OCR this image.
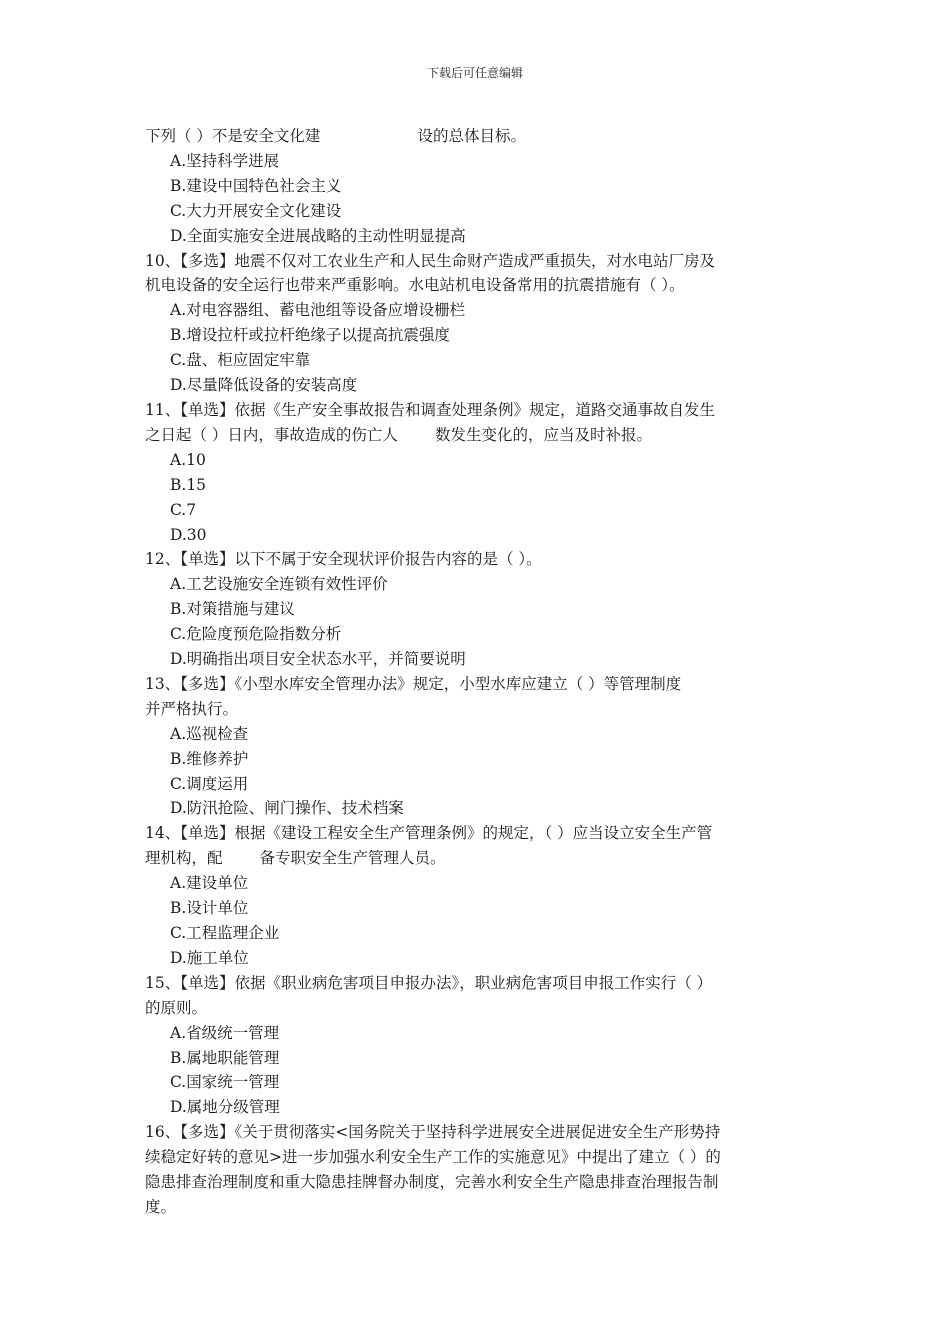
下载后可任意编辑

下列（ ）不是安全文化建	设的总体目标。

A.坚持科学进展

B.建设中国特色社会主义

C.大力开展安全文化建设

D.全面实施安全进展战略的主动性明显提高

10、【多选】地震不仅对工农业生产和人民生命财产造成严重损失，对水电站厂房及

机电设备的安全运行也带来严重影响。水电站机电设备常用的抗震措施有（ ）。

A.对电容器组、蓄电池组等设备应增设栅栏

B.增设拉杆或拉杆绝缘子以提高抗震强度

C.盘、柜应固定牢靠

D.尽量降低设备的安装高度

11、【单选】依据《生产安全事故报告和调查处理条例》规定，道路交通事故自发生

之日起（ ）日内，事故造成的伤亡人 数发生变化的，应当及时补报。

A.10

B.15

C.7

D.30

12、【单选】以下不属于安全现状评价报告内容的是（ ）。

A.工艺设施安全连锁有效性评价

B.对策措施与建议

C.危险度预危险指数分析

D.明确指出项目安全状态水平，并简要说明

13、【多选】《小型水库安全管理办法》规定，小型水库应建立（ ）等管理制度

并严格执行。

A.巡视检查

B.维修养护

C.调度运用

D.防汛抢险、闸门操作、技术档案

14、【单选】根据《建设工程安全生产管理条例》的规定，（ ）应当设立安全生产管

理机构，配 备专职安全生产管理人员。

A.建设单位

B.设计单位

C.工程监理企业

D.施工单位

15、【单选】依据《职业病危害项目申报办法》，职业病危害项目申报工作实行（ ）

的原则。

A.省级统一管理

B.属地职能管理

C.国家统一管理

D.属地分级管理

16、【多选】《关于贯彻落实<国务院关于坚持科学进展安全进展促进安全生产形势持

续稳定好转的意见>进一步加强水利安全生产工作的实施意见》中提出了建立（ ）的

隐患排查治理制度和重大隐患挂牌督办制度，完善水利安全生产隐患排查治理报告制

度。
